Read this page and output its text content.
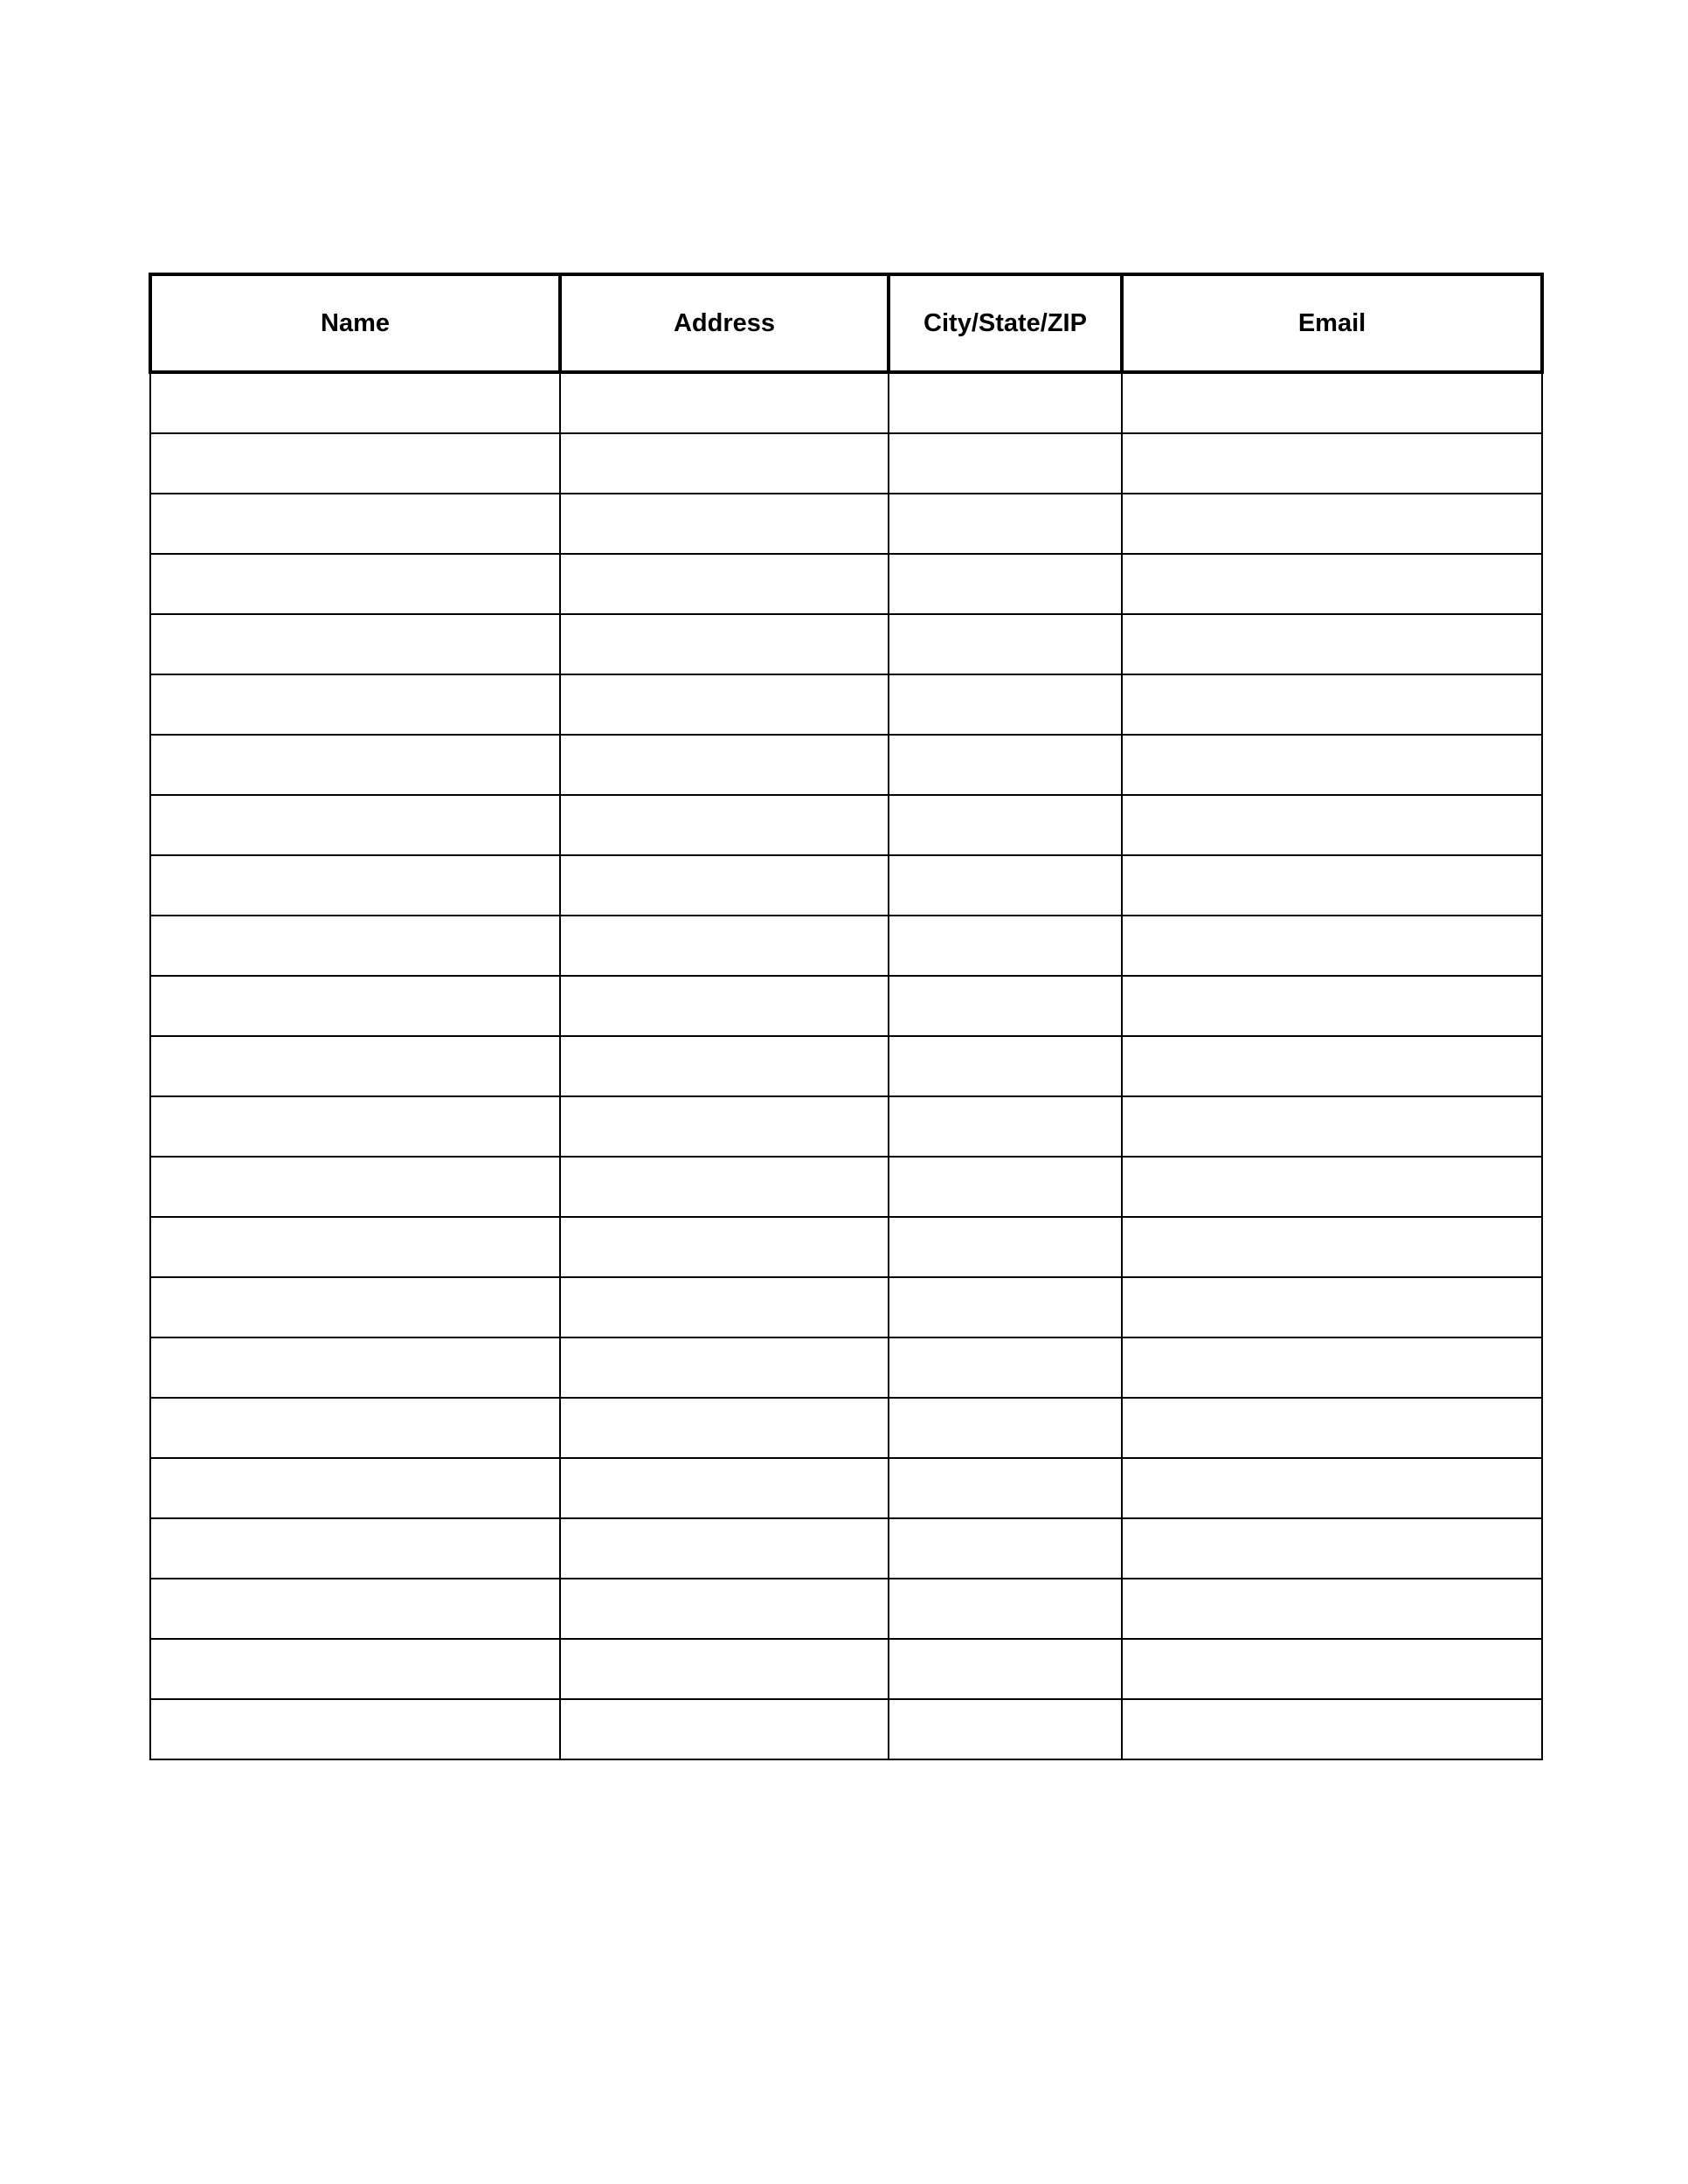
Name	Address	City/State/ZIP	Email
